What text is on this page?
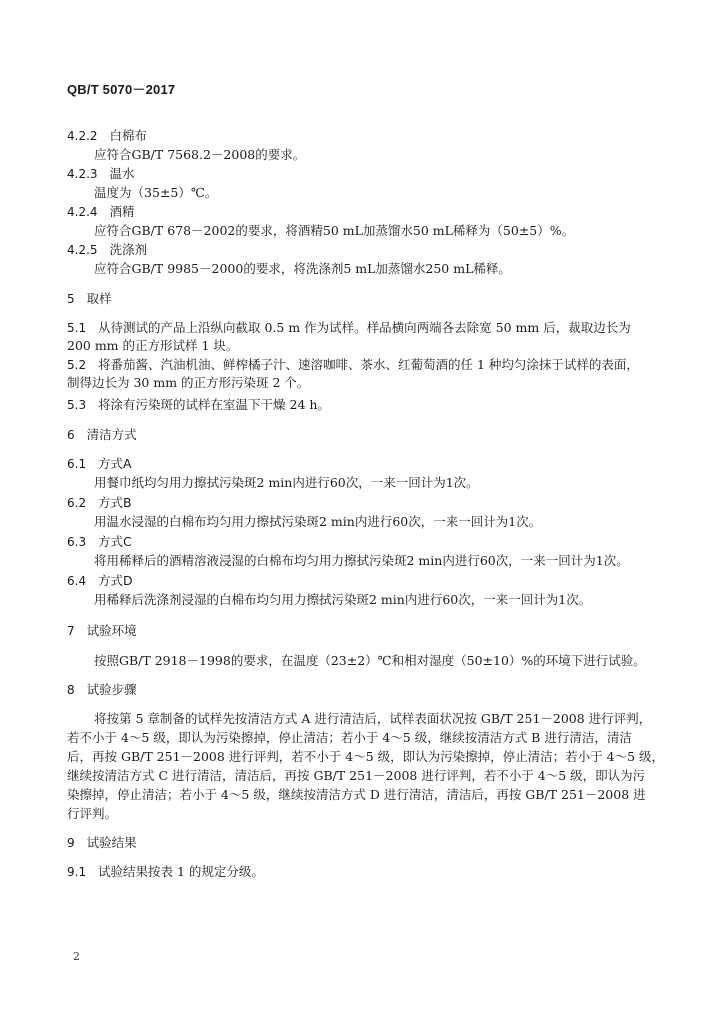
QB/T 5070－2017
4.2.2 白棉布
应符合GB/T 7568.2－2008的要求。
4.2.3 温水
温度为（35±5）℃。
4.2.4 酒精
应符合GB/T 678－2002的要求，将酒精50 mL加蒸馏水50 mL稀释为（50±5）%。
4.2.5 洗涤剂
应符合GB/T 9985－2000的要求，将洗涤剂5 mL加蒸馏水250 mL稀释。
5 取样
5.1 从待测试的产品上沿纵向截取 0.5 m 作为试样。样品横向两端各去除宽 50 mm 后，裁取边长为
200 mm 的正方形试样 1 块。
5.2 将番茄酱、汽油机油、鲜榨橘子汁、速溶咖啡、茶水、红葡萄酒的任 1 种均匀涂抹于试样的表面，
制得边长为 30 mm 的正方形污染斑 2 个。
5.3 将涂有污染斑的试样在室温下干燥 24 h。
6 清洁方式
6.1 方式A
用餐巾纸均匀用力擦拭污染斑2 min内进行60次，一来一回计为1次。
6.2 方式B
用温水浸湿的白棉布均匀用力擦拭污染斑2 min内进行60次，一来一回计为1次。
6.3 方式C
将用稀释后的酒精溶液浸湿的白棉布均匀用力擦拭污染斑2 min内进行60次，一来一回计为1次。
6.4 方式D
用稀释后洗涤剂浸湿的白棉布均匀用力擦拭污染斑2 min内进行60次，一来一回计为1次。
7 试验环境
按照GB/T 2918－1998的要求，在温度（23±2）℃和相对湿度（50±10）%的环境下进行试验。
8 试验步骤
将按第 5 章制备的试样先按清洁方式 A 进行清洁后，试样表面状况按 GB/T 251－2008 进行评判，
若不小于 4～5 级，即认为污染擦掉，停止清洁；若小于 4～5 级，继续按清洁方式 B 进行清洁，清洁
后，再按 GB/T 251－2008 进行评判，若不小于 4～5 级，即认为污染擦掉，停止清洁；若小于 4～5 级，
继续按清洁方式 C 进行清洁，清洁后，再按 GB/T 251－2008 进行评判，若不小于 4～5 级，即认为污
染擦掉，停止清洁；若小于 4～5 级，继续按清洁方式 D 进行清洁，清洁后，再按 GB/T 251－2008 进
行评判。
9 试验结果
9.1 试验结果按表 1 的规定分级。
2
